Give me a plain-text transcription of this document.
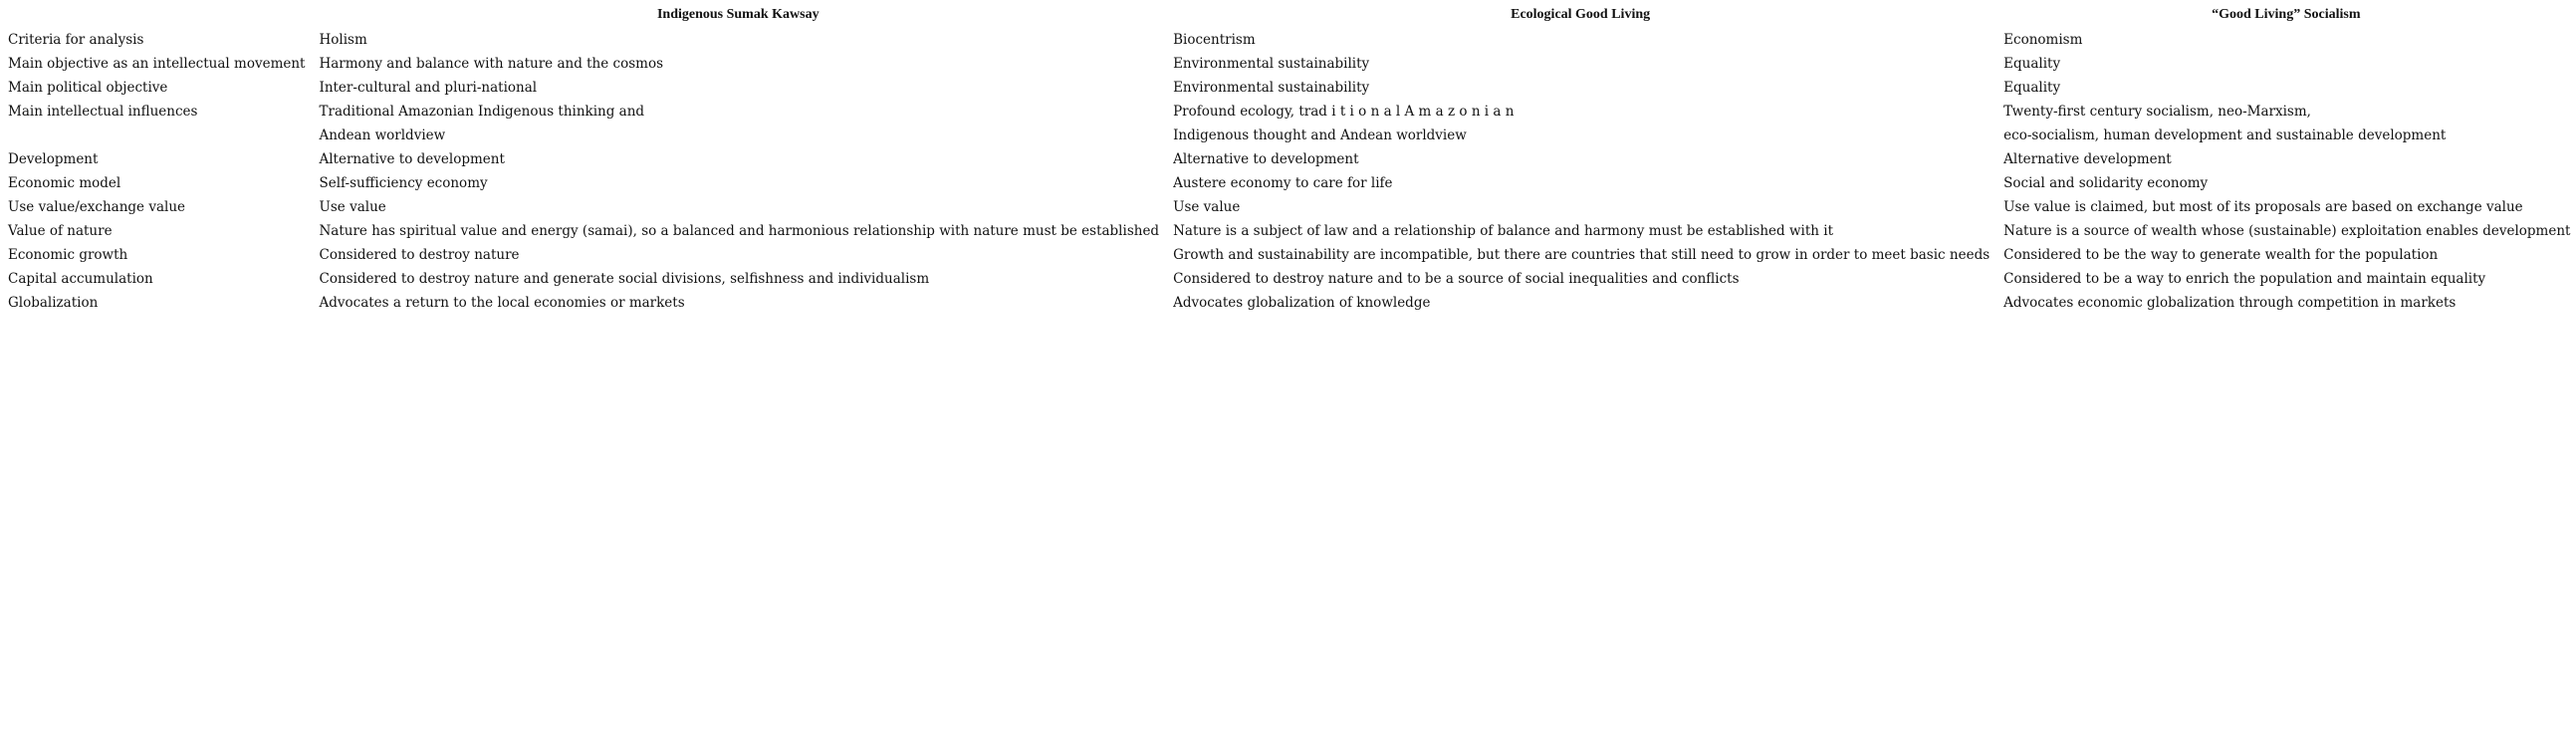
	Indigenous Sumak Kawsay	Ecological Good Living	“Good Living” Socialism
Criteria for analysis	Holism	Biocentrism	Economism
Main objective as an intellectual movement	Harmony and balance with nature and the cosmos	Environmental sustainability	Equality
Main political objective	Inter-cultural and pluri-national	Environmental sustainability	Equality
Main intellectual influences	Traditional Amazonian Indigenous thinking and	Profound ecology, trad i t i o n a l A m a z o n i a n	Twenty-first century socialism, neo-Marxism,
	Andean worldview	Indigenous thought and Andean worldview	eco-socialism, human development and sustainable development
Development	Alternative to development	Alternative to development	Alternative development
Economic model	Self-sufficiency economy	Austere economy to care for life	Social and solidarity economy
Use value/exchange value	Use value	Use value	Use value is claimed, but most of its proposals are based on exchange value
Value of nature	Nature has spiritual value and energy (samai), so a balanced and harmonious relationship with nature must be established	Nature is a subject of law and a relationship of balance and harmony must be established with it	Nature is a source of wealth whose (sustainable) exploitation enables development
Economic growth	Considered to destroy nature	Growth and sustainability are incompatible, but there are countries that still need to grow in order to meet basic needs	Considered to be the way to generate wealth for the population
Capital accumulation	Considered to destroy nature and generate social divisions, selfishness and individualism	Considered to destroy nature and to be a source of social inequalities and conflicts	Considered to be a way to enrich the population and maintain equality
Globalization	Advocates a return to the local economies or markets	Advocates globalization of knowledge	Advocates economic globalization through competition in markets
